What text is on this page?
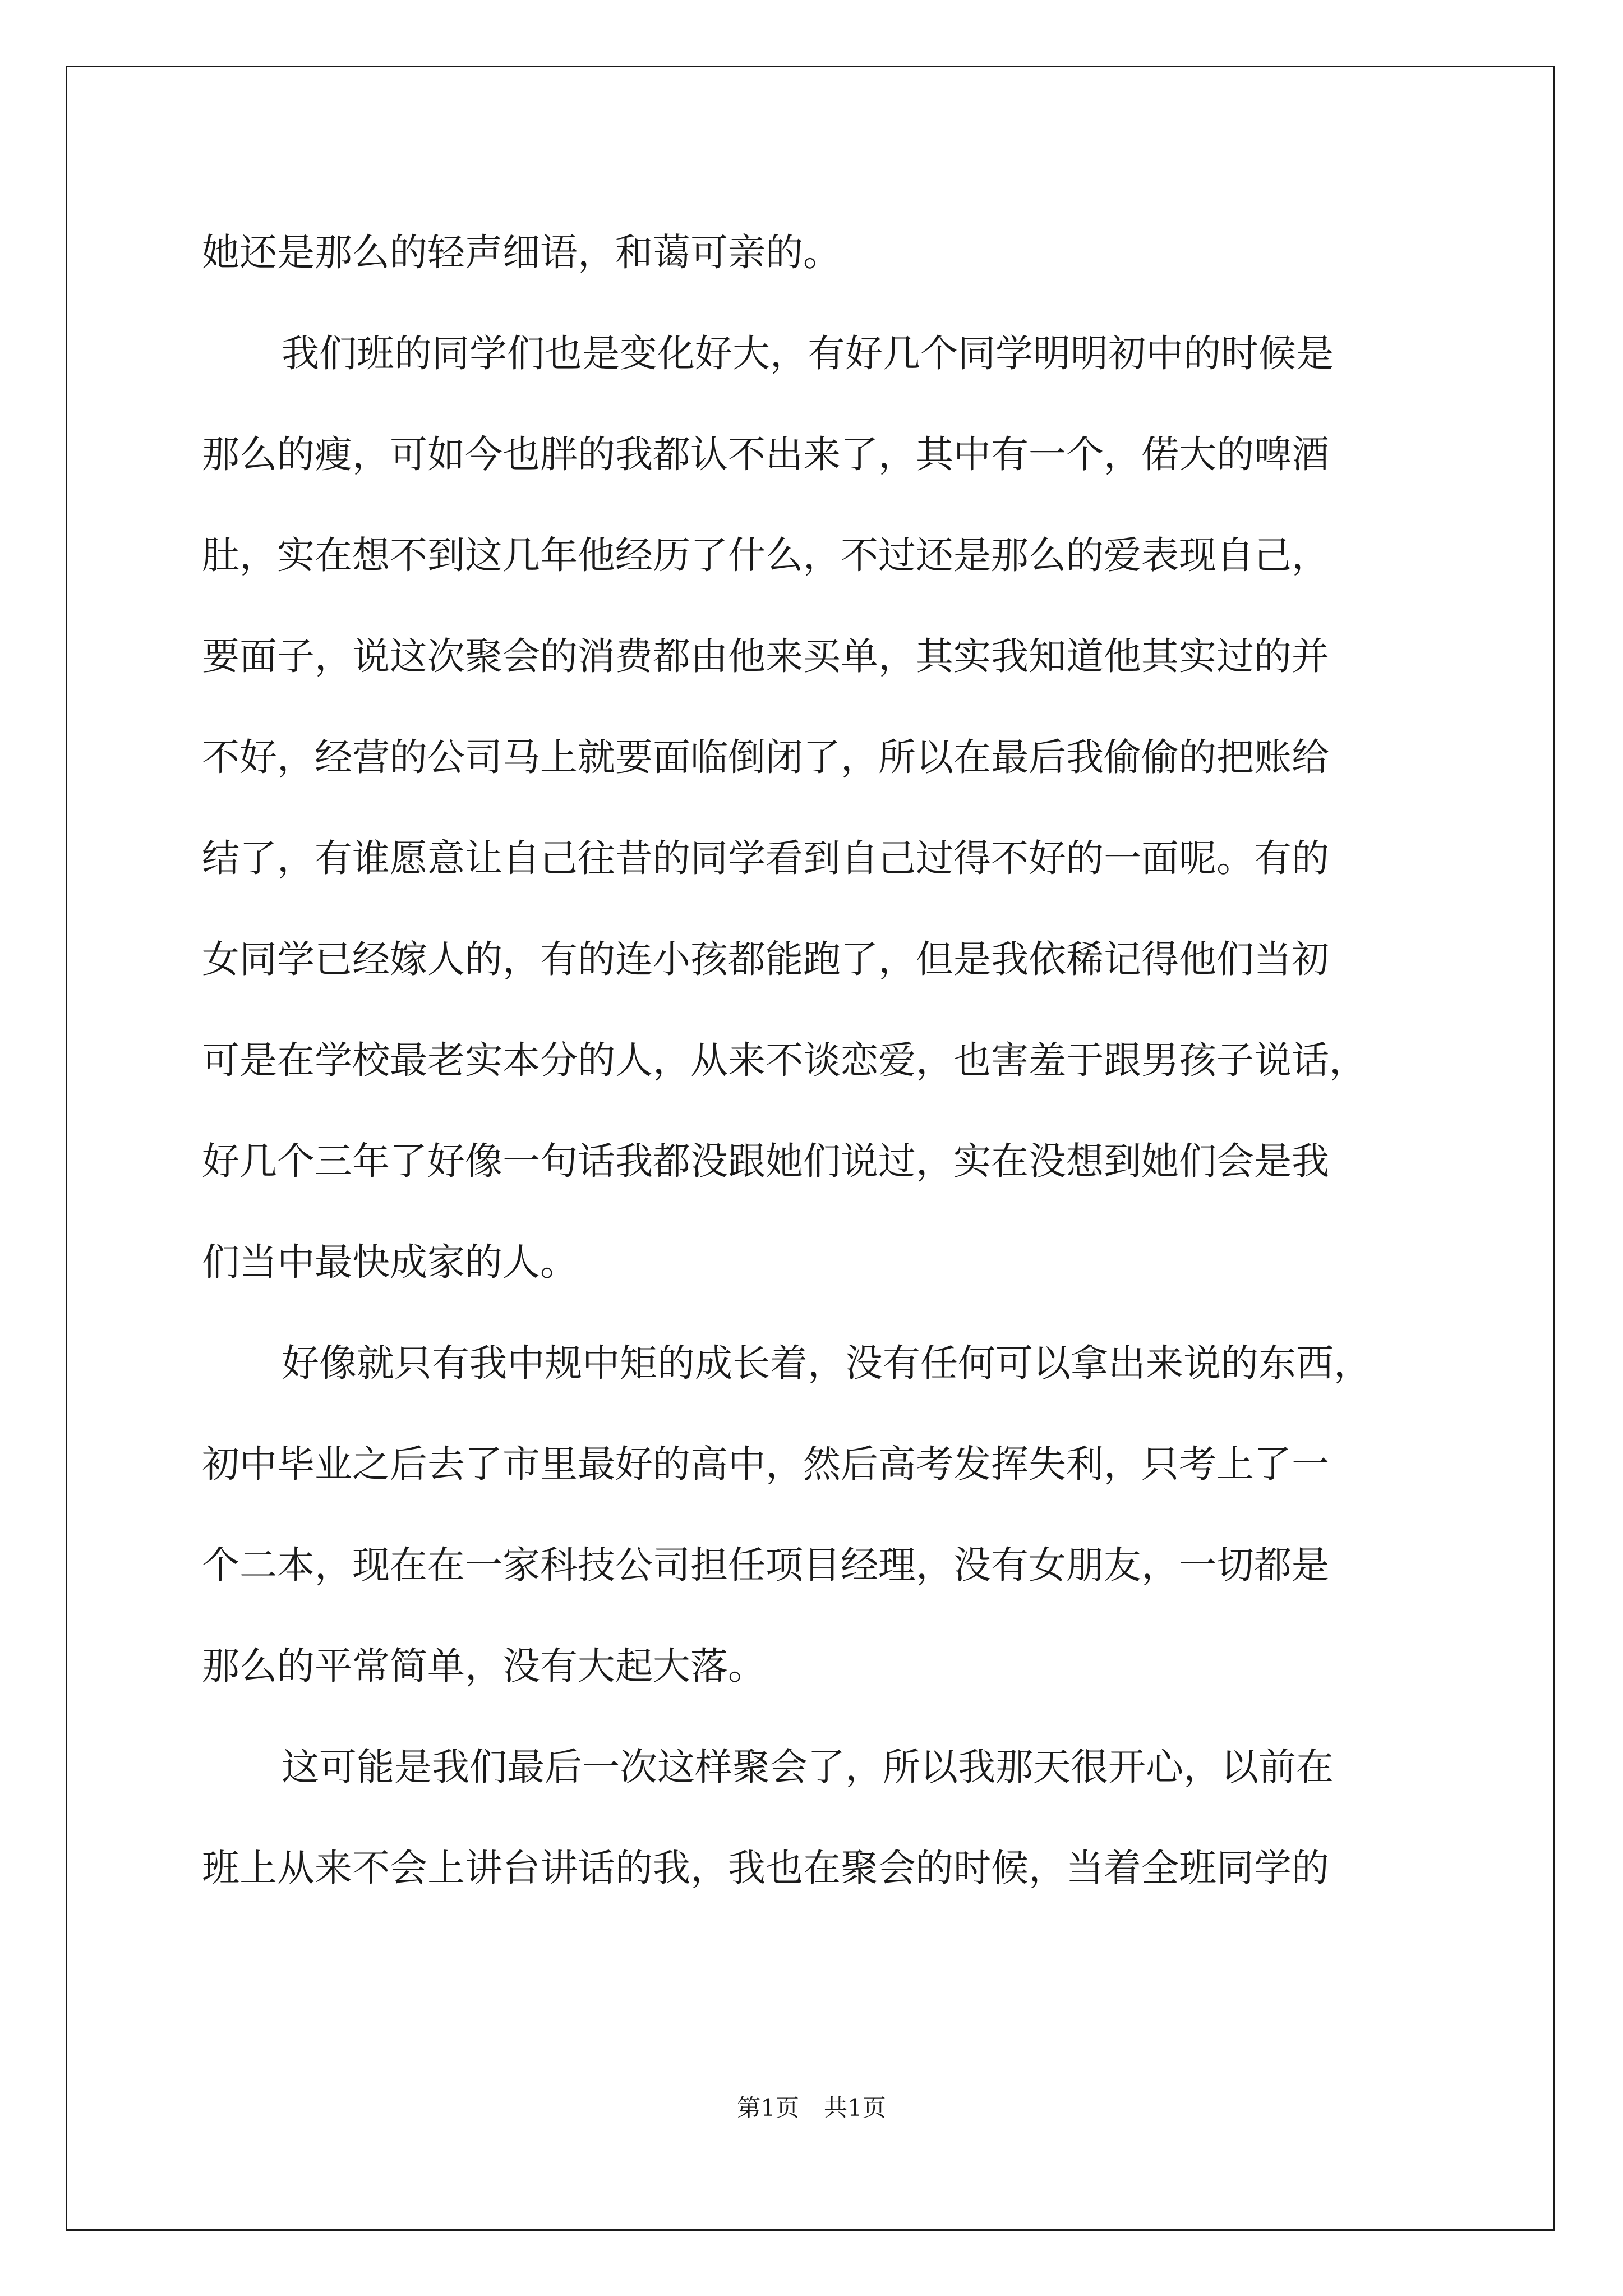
她还是那么的轻声细语，和蔼可亲的。
我们班的同学们也是变化好大，有好几个同学明明初中的时候是
那么的瘦，可如今也胖的我都认不出来了，其中有一个，偌大的啤酒
肚，实在想不到这几年他经历了什么，不过还是那么的爱表现自己，
要面子，说这次聚会的消费都由他来买单，其实我知道他其实过的并
不好，经营的公司马上就要面临倒闭了，所以在最后我偷偷的把账给
结了，有谁愿意让自己往昔的同学看到自己过得不好的一面呢。有的
女同学已经嫁人的，有的连小孩都能跑了，但是我依稀记得他们当初
可是在学校最老实本分的人，从来不谈恋爱，也害羞于跟男孩子说话，
好几个三年了好像一句话我都没跟她们说过，实在没想到她们会是我
们当中最快成家的人。
好像就只有我中规中矩的成长着，没有任何可以拿出来说的东西，
初中毕业之后去了市里最好的高中，然后高考发挥失利，只考上了一
个二本，现在在一家科技公司担任项目经理，没有女朋友，一切都是
那么的平常简单，没有大起大落。
这可能是我们最后一次这样聚会了，所以我那天很开心，以前在
班上从来不会上讲台讲话的我，我也在聚会的时候，当着全班同学的
第1页 共1页
